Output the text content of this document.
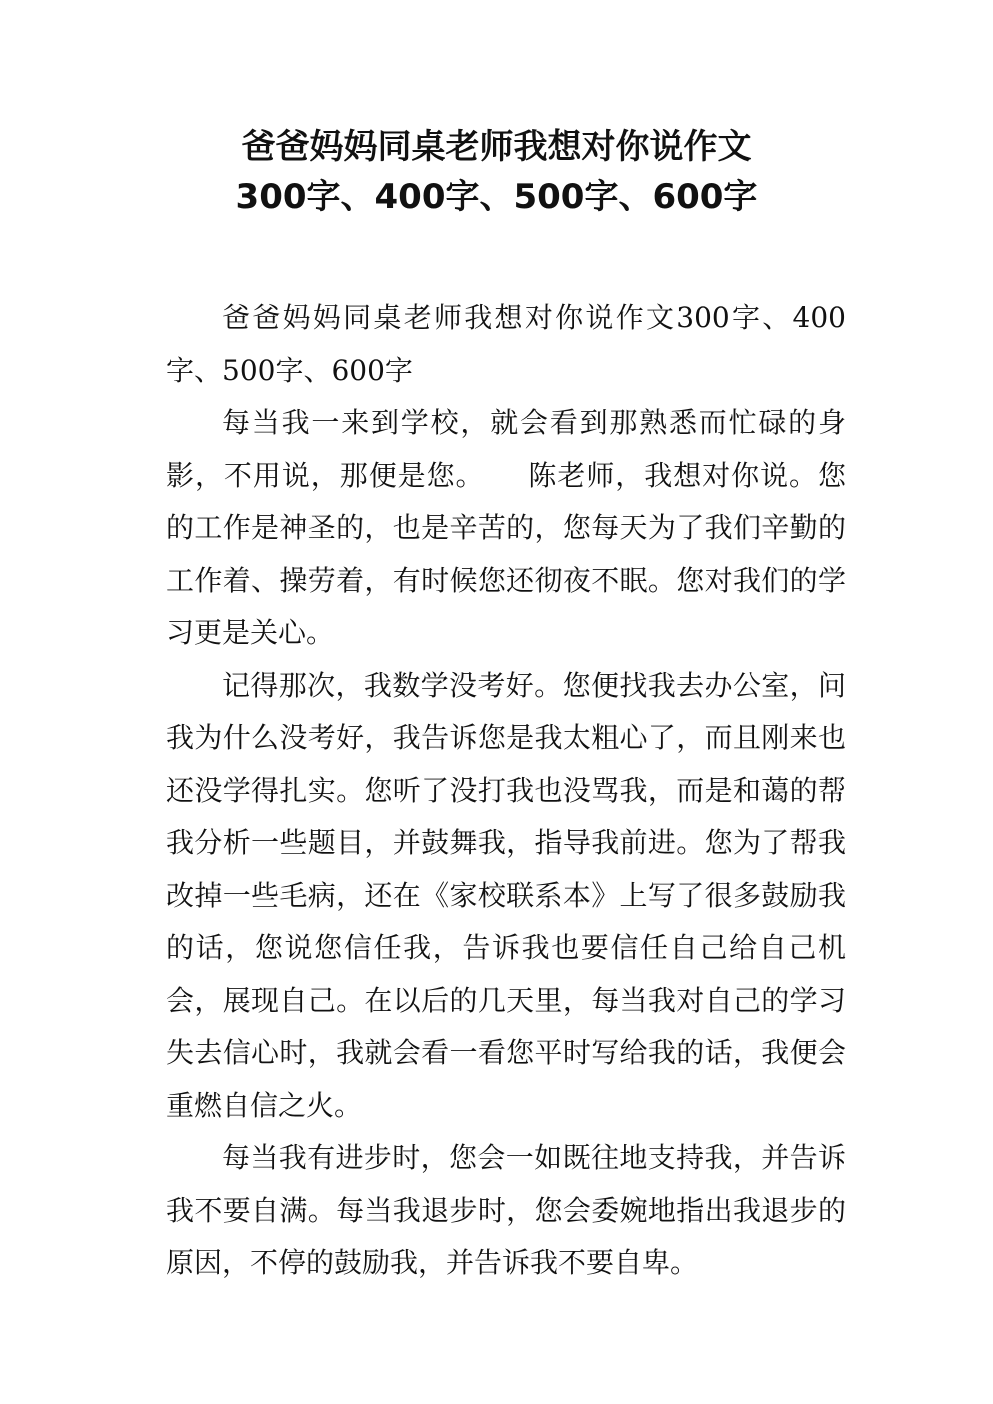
爸爸妈妈同桌老师我想对你说作文
300字、400字、500字、600字

爸爸妈妈同桌老师我想对你说作文300字、400字、500字、600字

每当我一来到学校，就会看到那熟悉而忙碌的身影，不用说，那便是您。　　陈老师，我想对你说。您的工作是神圣的，也是辛苦的，您每天为了我们辛勤的工作着、操劳着，有时候您还彻夜不眠。您对我们的学习更是关心。

记得那次，我数学没考好。您便找我去办公室，问我为什么没考好，我告诉您是我太粗心了，而且刚来也还没学得扎实。您听了没打我也没骂我，而是和蔼的帮我分析一些题目，并鼓舞我，指导我前进。您为了帮我改掉一些毛病，还在《家校联系本》上写了很多鼓励我的话，您说您信任我，告诉我也要信任自己给自己机会，展现自己。在以后的几天里，每当我对自己的学习失去信心时，我就会看一看您平时写给我的话，我便会重燃自信之火。

每当我有进步时，您会一如既往地支持我，并告诉我不要自满。每当我退步时，您会委婉地指出我退步的原因，不停的鼓励我，并告诉我不要自卑。
